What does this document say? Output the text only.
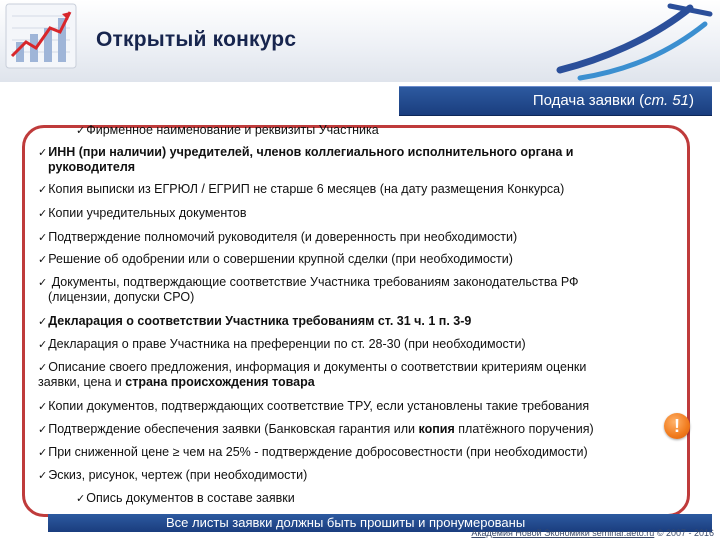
Открытый конкурс
Подача заявки (ст. 51)
✓Фирменное наименование и реквизиты Участника
✓ИНН (при наличии) учредителей, членов коллегиального исполнительного органа и
руководителя
✓Копия выписки из ЕГРЮЛ / ЕГРИП не старше 6 месяцев (на дату размещения Конкурса)
✓Копии учредительных документов
✓Подтверждение полномочий руководителя (и доверенность при необходимости)
✓Решение об одобрении или о совершении крупной сделки (при необходимости)
✓ Документы, подтверждающие соответствие Участника требованиям законодательства РФ
(лицензии, допуски СРО)
✓Декларация о соответствии Участника требованиям ст. 31 ч. 1 п. 3-9
✓Декларация о праве Участника на преференции по ст. 28-30 (при необходимости)
✓Описание своего предложения, информация и документы о соответствии критериям оценки
заявки, цена и страна происхождения товара
✓Копии документов, подтверждающих соответствие ТРУ, если установлены такие требования
✓Подтверждение обеспечения заявки (Банковская гарантия или копия платёжного поручения)
✓При сниженной цене ≥ чем на 25% - подтверждение добросовестности (при необходимости)
✓Эскиз, рисунок, чертеж (при необходимости)
✓Опись документов в составе заявки
!
Все листы заявки должны быть прошиты и пронумерованы
Академия Новой Экономики seminar.aeto.ru © 2007 - 2016
